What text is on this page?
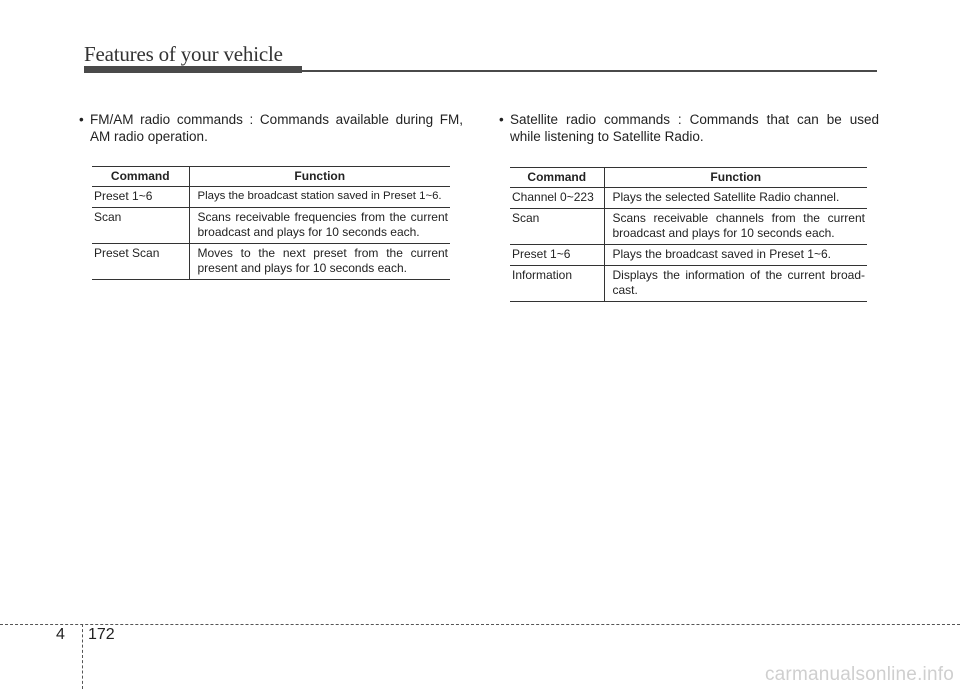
Features of your vehicle
• FM/AM radio commands : Commands available during FM, AM radio operation.
Command	Function
Preset 1~6	Plays the broadcast station saved in Preset 1~6.
Scan	Scans receivable frequencies from the current broadcast and plays for 10 seconds each.
Preset Scan	Moves to the next preset from the current present and plays for 10 seconds each.
• Satellite radio commands : Commands that can be used while listening to Satellite Radio.
Command	Function
Channel 0~223	Plays the selected Satellite Radio channel.
Scan	Scans receivable channels from the current broadcast and plays for 10 seconds each.
Preset 1~6	Plays the broadcast saved in Preset 1~6.
Information	Displays the information of the current broad-cast.
4 172
carmanualsonline.info
